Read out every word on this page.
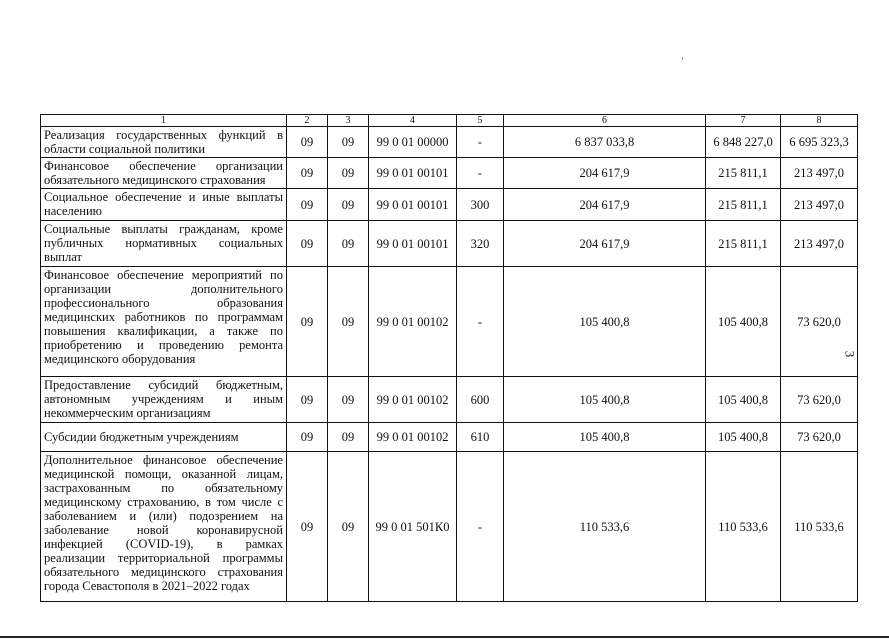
1	2	3	4	5	6	7	8
Реализация государственных функций в области социальной политики	09	09	99 0 01 00000	-	6 837 033,8	6 848 227,0	6 695 323,3
Финансовое обеспечение организации обязательного медицинского страхования	09	09	99 0 01 00101	-	204 617,9	215 811,1	213 497,0
Социальное обеспечение и иные выплаты населению	09	09	99 0 01 00101	300	204 617,9	215 811,1	213 497,0
Социальные выплаты гражданам, кроме публичных нормативных социальных выплат	09	09	99 0 01 00101	320	204 617,9	215 811,1	213 497,0
Финансовое обеспечение мероприятий по организации дополнительного профессионального образования медицинских работников по программам повышения квалификации, а также по приобретению и проведению ремонта медицинского оборудования	09	09	99 0 01 00102	-	105 400,8	105 400,8	73 620,0
Предоставление субсидий бюджетным, автономным учреждениям и иным некоммерческим организациям	09	09	99 0 01 00102	600	105 400,8	105 400,8	73 620,0
Субсидии бюджетным учреждениям	09	09	99 0 01 00102	610	105 400,8	105 400,8	73 620,0
Дополнительное финансовое обеспечение медицинской помощи, оказанной лицам, застрахованным по обязательному медицинскому страхованию, в том числе с заболеванием и (или) подозрением на заболевание новой коронавирусной инфекцией (COVID-19), в рамках реализации территориальной программы обязательного медицинского страхования города Севастополя в 2021–2022 годах	09	09	99 0 01 501К0	-	110 533,6	110 533,6	110 533,6
3
